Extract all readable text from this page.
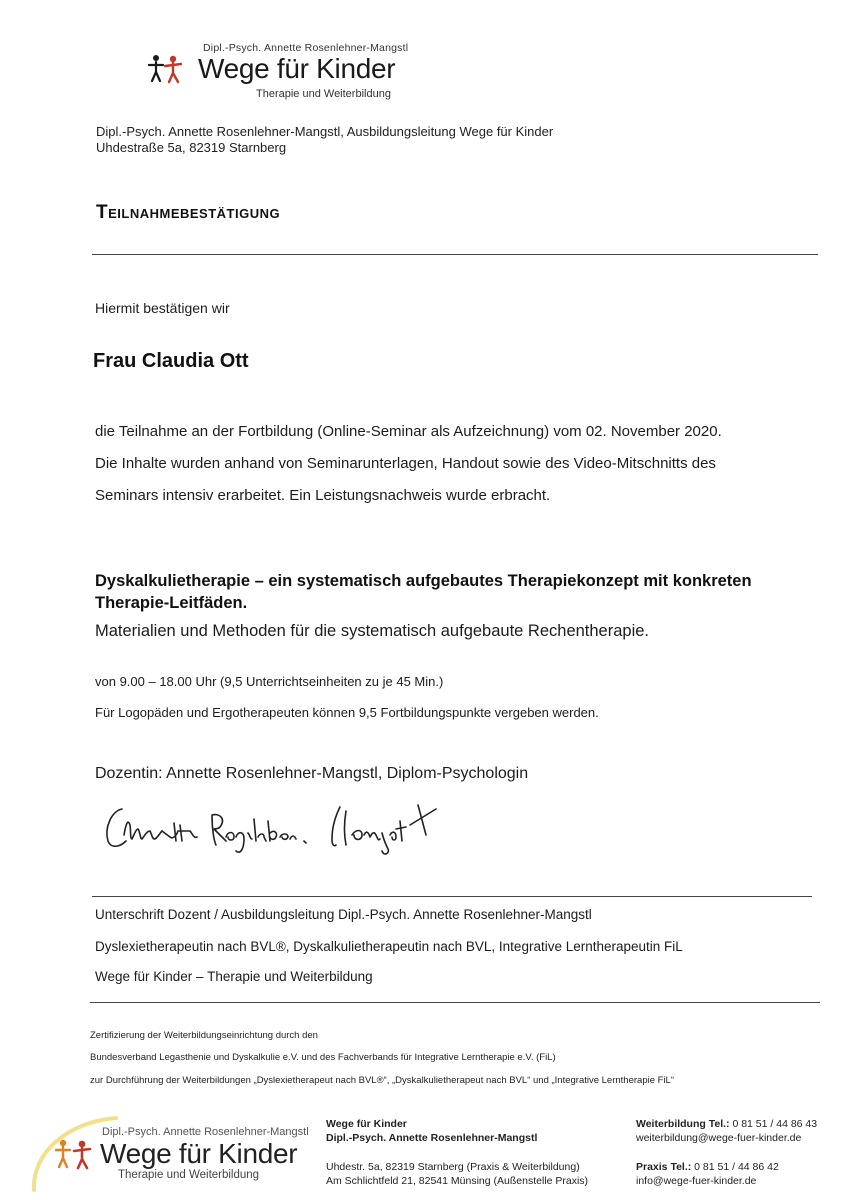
Dipl.-Psych. Annette Rosenlehner-Mangstl
Wege für Kinder
Therapie und Weiterbildung
Dipl.-Psych. Annette Rosenlehner-Mangstl, Ausbildungsleitung Wege für Kinder
Uhdestraße 5a, 82319 Starnberg
Teilnahmebestätigung
Hiermit bestätigen wir
Frau Claudia Ott
die Teilnahme an der Fortbildung (Online-Seminar als Aufzeichnung) vom 02. November 2020.
Die Inhalte wurden anhand von Seminarunterlagen, Handout sowie des Video-Mitschnitts des
Seminars intensiv erarbeitet. Ein Leistungsnachweis wurde erbracht.
Dyskalkulietherapie – ein systematisch aufgebautes Therapiekonzept mit konkreten
Therapie-Leitfäden.
Materialien und Methoden für die systematisch aufgebaute Rechentherapie.
von 9.00 – 18.00 Uhr (9,5 Unterrichtseinheiten zu je 45 Min.)
Für Logopäden und Ergotherapeuten können 9,5 Fortbildungspunkte vergeben werden.
Dozentin: Annette Rosenlehner-Mangstl, Diplom-Psychologin
Unterschrift Dozent / Ausbildungsleitung Dipl.-Psych. Annette Rosenlehner-Mangstl
Dyslexietherapeutin nach BVL®, Dyskalkulietherapeutin nach BVL, Integrative Lerntherapeutin FiL
Wege für Kinder – Therapie und Weiterbildung
Zertifizierung der Weiterbildungseinrichtung durch den
Bundesverband Legasthenie und Dyskalkulie e.V. und des Fachverbands für Integrative Lerntherapie e.V. (FiL)
zur Durchführung der Weiterbildungen „Dyslexietherapeut nach BVL®“, „Dyskalkulietherapeut nach BVL“ und „Integrative Lerntherapie FiL“
Dipl.-Psych. Annette Rosenlehner-Mangstl
Wege für Kinder
Therapie und Weiterbildung
Wege für Kinder
Dipl.-Psych. Annette Rosenlehner-Mangstl
Uhdestr. 5a, 82319 Starnberg (Praxis & Weiterbildung)
Am Schlichtfeld 21, 82541 Münsing (Außenstelle Praxis)
Weiterbildung Tel.: 0 81 51 / 44 86 43
weiterbildung@wege-fuer-kinder.de
Praxis Tel.: 0 81 51 / 44 86 42
info@wege-fuer-kinder.de
